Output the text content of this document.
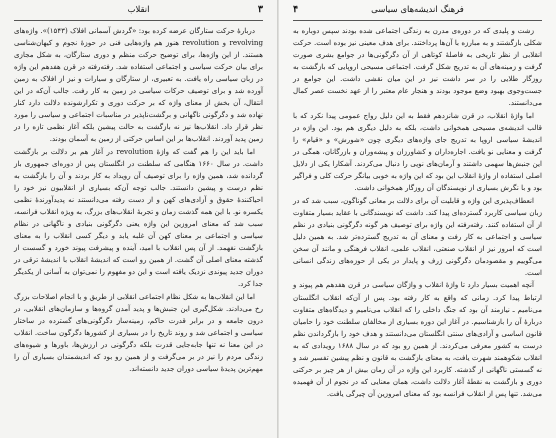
۳
انقلاب

دربارهٔ حرکت ستارگان عرضه کرده بود: «گردش آسمانی افلاک (۱۵۴۳)». واژه‌های revolving و revolution هنوز هم واژه‌هایی فنی در حوزهٔ نجوم و کیهان‌شناسی هستند. از این واژه‌ها، برای توضیح حرکت منظم و دوری ستارگان، به شکل مجازی برای بیان حرکت سیاسی و اجتماعی استفاده شد. رفته‌رفته در قرن هفدهم این واژه در زبان سیاسی راه یافت. به تعبیری، از ستارگان و سیارات و نیز از افلاک به زمین آورده شد و برای توصیف حرکات سیاسی در زمین به کار رفت. جالب آن‌که در این انتقال، آن بخش از معنای واژه که بر حرکت دوری و تکرارشونده دلالت دارد کنار نهاده شد و دگرگونی ناگهانی و برگشت‌ناپذیر در مناسبات اجتماعی و سیاسی را مورد نظر قرار داد. انقلاب‌ها نیز نه بازگشت به حالت پیشین بلکه آغاز نظمی تازه را در زمین پدید آوردند. انقلاب‌ها بر این اساس حرکتی از زمین به آسمان بودند.

اما باید این را هم گفت که واژهٔ revolution در آغاز هم بر دلالت بر بازگشت داشت. در سال ۱۶۶۰ هنگامی که سلطنت در انگلستان پس از دوره‌ای جمهوری باز گردانده شد، همین واژه را برای توصیف آن رویداد به کار بردند و آن را بازگشت به نظم درست و پیشین دانستند. جالب توجه آن‌که بسیاری از انقلابیون نیز خود را احیاکنندهٔ حقوق و آزادی‌های کهن و از دست رفته می‌دانستند نه پدیدآورندهٔ نظمی یکسره نو. با این همه گذشت زمان و تجربهٔ انقلاب‌های بزرگ، به ویژه انقلاب فرانسه، سبب شد که معنای امروزین این واژه یعنی دگرگونی بنیادی و ناگهانی در نظام سیاسی و اجتماعی بر معنای کهن آن غلبه یابد و دیگر کسی انقلاب را به معنای بازگشت نفهمد. از آن پس انقلاب با امید، آینده و پیشرفت پیوند خورد و گسست از گذشته معنای اصلی آن گشت. از همین رو است که اندیشهٔ انقلاب با اندیشهٔ ترقی در دوران جدید پیوندی نزدیک یافته است و این دو مفهوم را نمی‌توان به آسانی از یکدیگر جدا کرد.

اما این انقلاب‌ها به شکل نظام اجتماعی انقلابی از طریق و با انجام اصلاحات بزرگ رخ می‌دادند. شکل‌گیری این جنبش‌ها و پدید آمدن گروه‌ها و سازمان‌های انقلابی، در درون جامعه و در برابر قدرت حاکم، زمینه‌ساز دگرگونی‌های گسترده در ساختار سیاسی و اجتماعی شد و روند تاریخ را در بسیاری از کشورها دگرگون ساخت. انقلاب در این معنا نه تنها جابه‌جایی قدرت بلکه دگرگونی در ارزش‌ها، باورها و شیوه‌های زندگی مردم را نیز در بر می‌گرفت و از همین رو بود که اندیشمندان بسیاری آن را مهم‌ترین پدیدهٔ سیاسی دوران جدید دانسته‌اند.

۴	فرهنگ اندیشه‌های سیاسی

زشت و پلیدی که در دوره‌ی مدرن به زندگی اجتماعی شده بودند سپس دوباره به شکلی بازگشتند و به مبارزه با آن‌ها پرداختند. برای هدف معینی نیز بوده است. حرکت انقلابی از نظر تاریخی به فاصلهٔ کوتاهی از آن دگرگونی‌ها در جوامع بشری صورت گرفت و زمینه‌های آن به تدریج شکل گرفت. اجتماعی مسیحی اروپایی که بازگشت به روزگار طلایی را در سر داشت نیز در این میان نقشی داشت. این جوامع در جست‌وجوی بهبود وضع موجود بودند و هنجار عام معتبر را از عهد نخست عصر کمال می‌دانستند.

اما واژهٔ انقلاب، در قرن شانزدهم فقط به این دلیل رواج عمومی پیدا نکرد که با قالب اندیشه‌ی مسیحی همخوانی داشت، بلکه به دلیل دیگری هم بود. این واژه در اندیشهٔ سیاسی اروپا به تدریج جای واژه‌های دیگری چون «شورش» و «قیام» را گرفت و معنایی نو یافت. اجاره‌داران و کشاورزان و پیشه‌وران و بازرگانان، همگی در این جنبش‌ها سهمی داشتند و آرمان‌های نویی را دنبال می‌کردند. آشکارا یکی از دلایل اصلی استفاده از واژهٔ انقلاب این بود که این واژه به خوبی بیانگر حرکت کلی و فراگیر بود و با نگرش بسیاری از نویسندگان آن روزگار همخوانی داشت.

انعطاف‌پذیری این واژه و قابلیت آن برای دلالت بر معانی گوناگون، سبب شد که در زبان سیاسی کاربرد گسترده‌ای پیدا کند. داشت که نویسندگانی با عقاید بسیار متفاوت از آن استفاده کنند. رفته‌رفته این واژه برای توصیف هر گونه دگرگونی بنیادی در نظم سیاسی و اجتماعی به کار رفت و معنای آن به تدریج گسترده‌تر شد. به همین دلیل است که امروز نیز از انقلاب صنعتی، انقلاب علمی، انقلاب فرهنگی و مانند آن سخن می‌گوییم و مقصودمان دگرگونی ژرف و پایدار در یکی از حوزه‌های زندگی انسانی است.

آنچه اهمیت بسیار دارد تا واژهٔ انقلاب و واژگان سیاسی در قرن هفدهم هم پیوند و ارتباط پیدا کرد. زمانی که واقع به کار رفته بود. پس از آن‌که انقلاب انگلستان می‌نامیم ـ نیازمند آن بود که جنگ داخلی را که انقلاب می‌نامیم و دیدگاه‌های متفاوت دربارهٔ آن را بازشناسیم. در آغاز این دوره بسیاری از مخالفان سلطنت خود را حامیان قانون اساسی و آزادی‌های سنتی انگلستان می‌دانستند و هدف خود را بازگرداندن نظم درست به کشور معرفی می‌کردند. از همین رو بود که در سال ۱۶۸۸ رویدادی که به انقلاب شکوهمند شهرت یافت، به معنای بازگشت به قانون و نظم پیشین تفسیر شد و نه گسستی ناگهانی از گذشته. کاربرد این واژه در آن زمان بیش از هر چیز بر حرکتی دوری و بازگشت به نقطهٔ آغاز دلالت داشت، همان معنایی که در نجوم از آن فهمیده می‌شد. تنها پس از انقلاب فرانسه بود که معنای امروزین آن چیرگی یافت.
